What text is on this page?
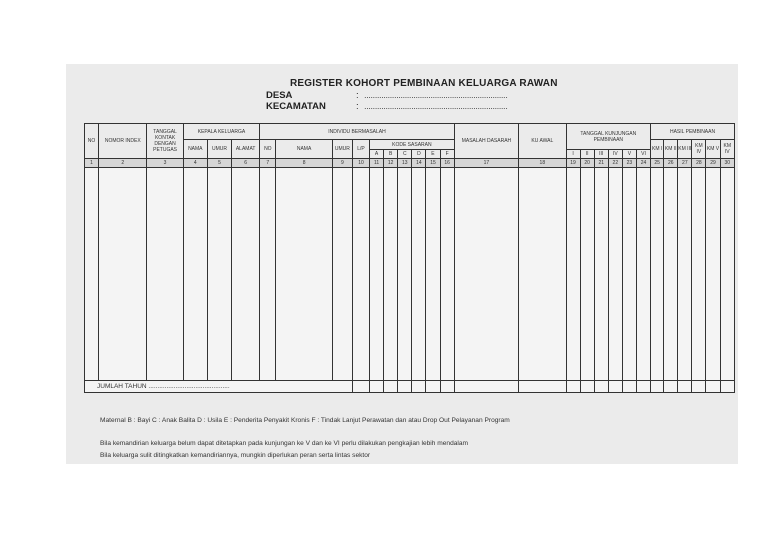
REGISTER KOHORT PEMBINAAN KELUARGA RAWAN
DESA	: ...................................................................
KECAMATAN	: ...................................................................
NO	NOMOR INDEX	TANGGAL KONTAK DENGAN PETUGAS	KEPALA KELUARGA			INDIVIDU BERMASALAH										MASALAH DASARAH	KU AWAL	TANGGAL KUNJUNGAN PEMBINAAN						HASIL PEMBINAAN					
			NAMA	UMUR	ALAMAT	NO	NAMA	UMUR	L/P	KODE SASARAN														KM I	KM II	KM III	KM IV	KM V	KM IV
										A	B	C	D	E	F			I	II	III	IV	V	VI						
1	2	3	4	5	6	7	8	9	10	11	12	13	14	15	16	17	18	19	20	21	22	23	24	25	26	27	28	29	30

JUMLAH TAHUN .............................................																													
Maternal B : Bayi C : Anak Balita D : Usila E : Penderita Penyakit Kronis F : Tindak Lanjut Perawatan dan atau Drop Out Pelayanan Program
Bila kemandirian keluarga belum dapat ditetapkan pada kunjungan ke V dan ke VI perlu dilakukan pengkajian lebih mendalam
Bila keluarga sulit ditingkatkan kemandiriannya, mungkin diperlukan peran serta lintas sektor
